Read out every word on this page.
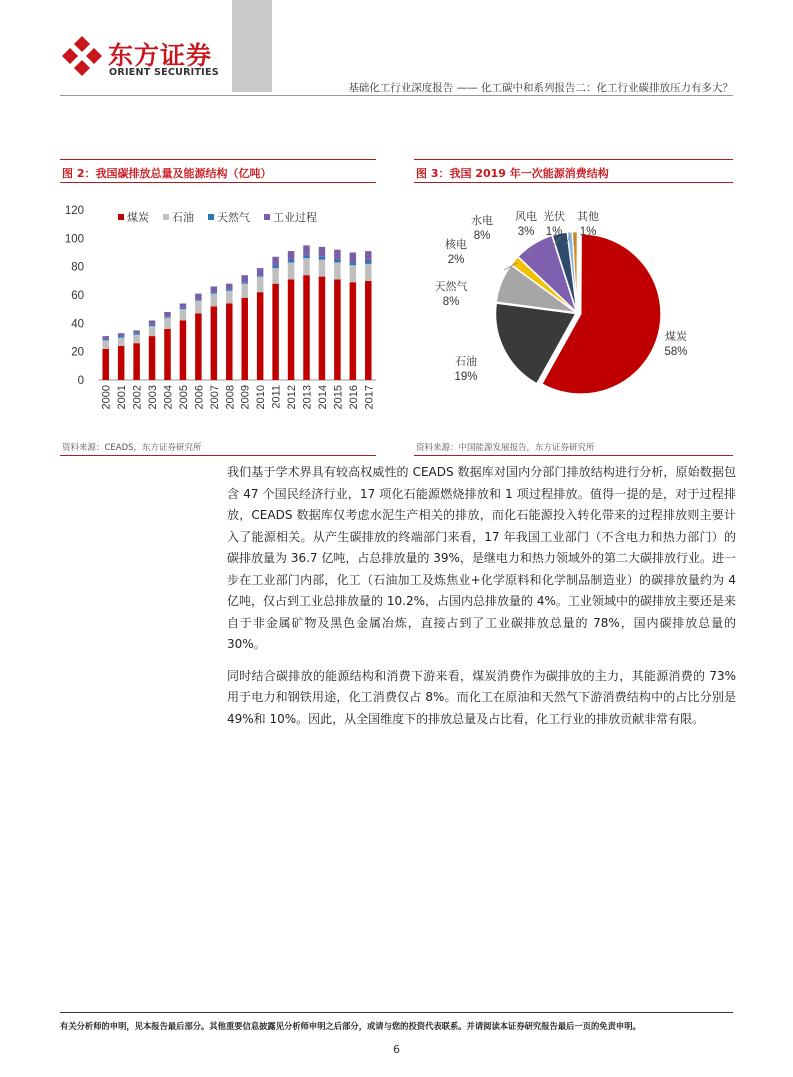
东方证券
ORIENT SECURITIES
基础化工行业深度报告 —— 化工碳中和系列报告二：化工行业碳排放压力有多大？
图 2：我国碳排放总量及能源结构（亿吨）
0
20
40
60
80
100
120
2000 2001 2002 2003 2004 2005 2006 2007 2008 2009 2010 2011 2012 2013 2014 2015 2016 2017
煤炭 石油 天然气 工业过程
资料来源：CEADS，东方证券研究所
图 3：我国 2019 年一次能源消费结构
煤炭
58%
石油
19%
天然气
8%
核电
2%
水电
8%
风电
3%
光伏
1%
其他
1%
资料来源：中国能源发展报告，东方证券研究所

我们基于学术界具有较高权威性的 CEADS 数据库对国内分部门排放结构进行分析，原始数据包含 47 个国民经济行业，17 项化石能源燃烧排放和 1 项过程排放。值得一提的是，对于过程排放，CEADS 数据库仅考虑水泥生产相关的排放，而化石能源投入转化带来的过程排放则主要计入了能源相关。从产生碳排放的终端部门来看，17 年我国工业部门（不含电力和热力部门）的碳排放量为 36.7 亿吨，占总排放量的 39%，是继电力和热力领域外的第二大碳排放行业。进一步在工业部门内部，化工（石油加工及炼焦业+化学原料和化学制品制造业）的碳排放量约为 4 亿吨，仅占到工业总排放量的 10.2%，占国内总排放量的 4%。工业领域中的碳排放主要还是来自于非金属矿物及黑色金属冶炼，直接占到了工业碳排放总量的 78%，国内碳排放总量的 30%。

同时结合碳排放的能源结构和消费下游来看，煤炭消费作为碳排放的主力，其能源消费的 73%用于电力和钢铁用途，化工消费仅占 8%。而化工在原油和天然气下游消费结构中的占比分别是 49%和 10%。因此，从全国维度下的排放总量及占比看，化工行业的排放贡献非常有限。

有关分析师的申明，见本报告最后部分。其他重要信息披露见分析师申明之后部分，或请与您的投资代表联系。并请阅读本证券研究报告最后一页的免责申明。
6
